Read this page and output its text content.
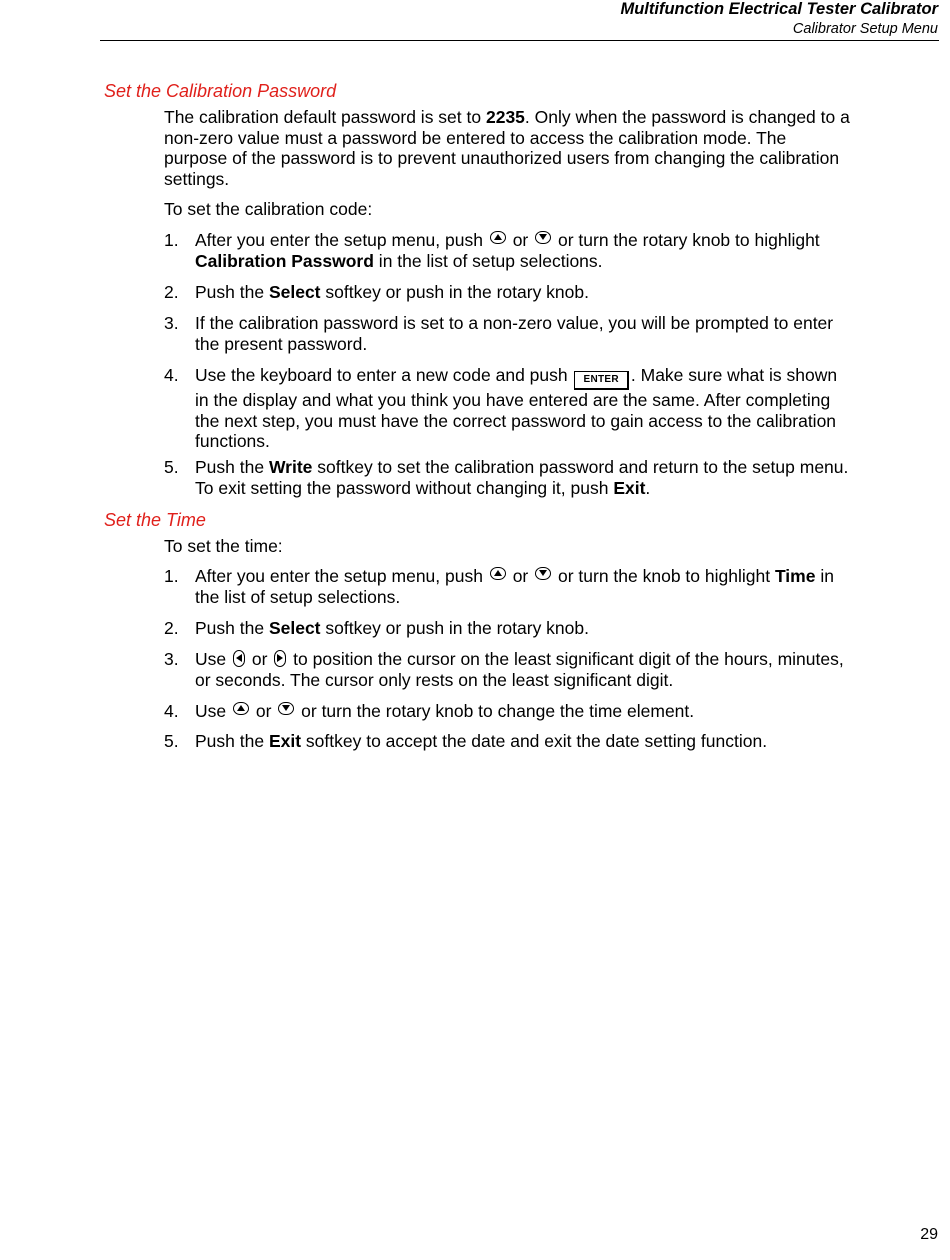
Multifunction Electrical Tester Calibrator
Calibrator Setup Menu
Set the Calibration Password
The calibration default password is set to 2235. Only when the password is changed to a non-zero value must a password be entered to access the calibration mode. The purpose of the password is to prevent unauthorized users from changing the calibration settings.
To set the calibration code:
1. After you enter the setup menu, push
or
or turn the rotary knob to highlight Calibration Password in the list of setup selections.
2. Push the Select softkey or push in the rotary knob.
3. If the calibration password is set to a non-zero value, you will be prompted to enter the present password.
4. Use the keyboard to enter a new code and push ENTER . Make sure what is shown in the display and what you think you have entered are the same. After completing the next step, you must have the correct password to gain access to the calibration functions.
5. Push the Write softkey to set the calibration password and return to the setup menu. To exit setting the password without changing it, push Exit.
Set the Time
To set the time:
1. After you enter the setup menu, push
or
or turn the knob to highlight Time in the list of setup selections.
2. Push the Select softkey or push in the rotary knob.
3. Use
or
to position the cursor on the least significant digit of the hours, minutes, or seconds. The cursor only rests on the least significant digit.
4. Use
or
or turn the rotary knob to change the time element.
5. Push the Exit softkey to accept the date and exit the date setting function.
29
